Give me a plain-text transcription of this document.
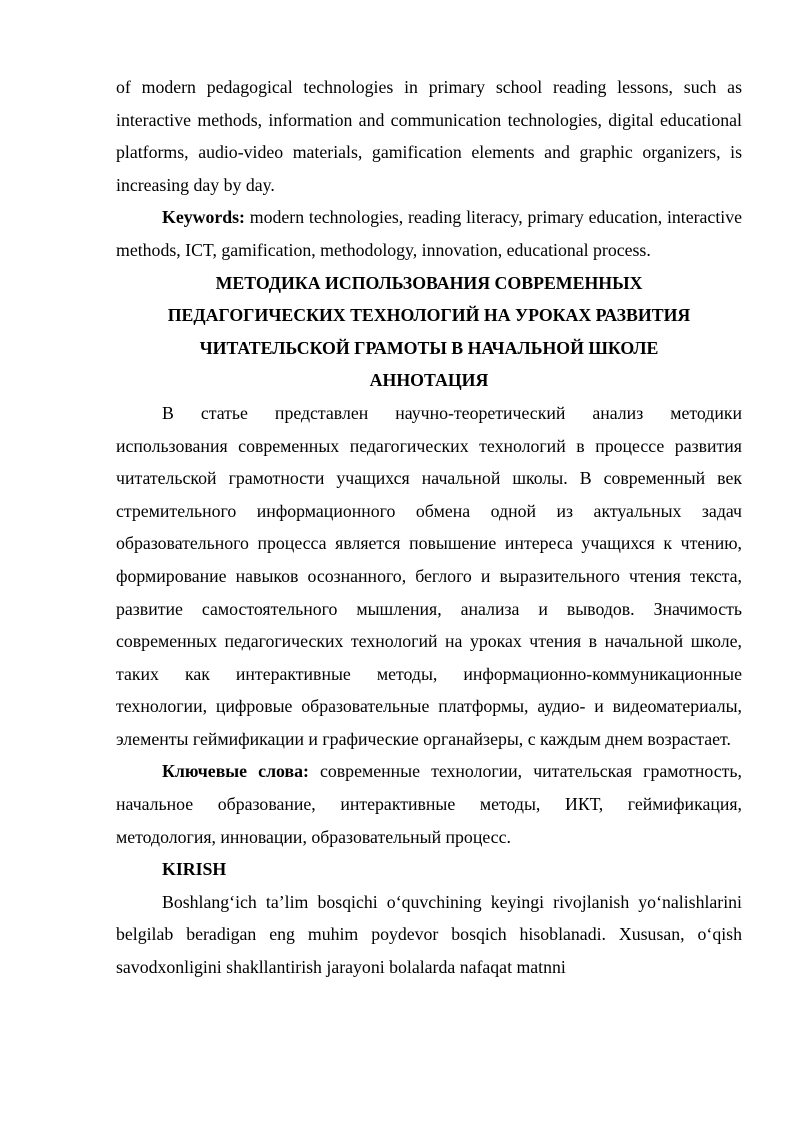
of modern pedagogical technologies in primary school reading lessons, such as interactive methods, information and communication technologies, digital educational platforms, audio-video materials, gamification elements and graphic organizers, is increasing day by day.

Keywords: modern technologies, reading literacy, primary education, interactive methods, ICT, gamification, methodology, innovation, educational process.

МЕТОДИКА ИСПОЛЬЗОВАНИЯ СОВРЕМЕННЫХ

ПЕДАГОГИЧЕСКИХ ТЕХНОЛОГИЙ НА УРОКАХ РАЗВИТИЯ

ЧИТАТЕЛЬСКОЙ ГРАМОТЫ В НАЧАЛЬНОЙ ШКОЛЕ

АННОТАЦИЯ

В статье представлен научно-теоретический анализ методики использования современных педагогических технологий в процессе развития читательской грамотности учащихся начальной школы. В современный век стремительного информационного обмена одной из актуальных задач образовательного процесса является повышение интереса учащихся к чтению, формирование навыков осознанного, беглого и выразительного чтения текста, развитие самостоятельного мышления, анализа и выводов. Значимость современных педагогических технологий на уроках чтения в начальной школе, таких как интерактивные методы, информационно-коммуникационные технологии, цифровые образовательные платформы, аудио- и видеоматериалы, элементы геймификации и графические органайзеры, с каждым днем возрастает.

Ключевые слова: современные технологии, читательская грамотность, начальное образование, интерактивные методы, ИКТ, геймификация, методология, инновации, образовательный процесс.

KIRISH

Boshlang‘ich ta’lim bosqichi o‘quvchining keyingi rivojlanish yo‘nalishlarini belgilab beradigan eng muhim poydevor bosqich hisoblanadi. Xususan, o‘qish savodxonligini shakllantirish jarayoni bolalarda nafaqat matnni
